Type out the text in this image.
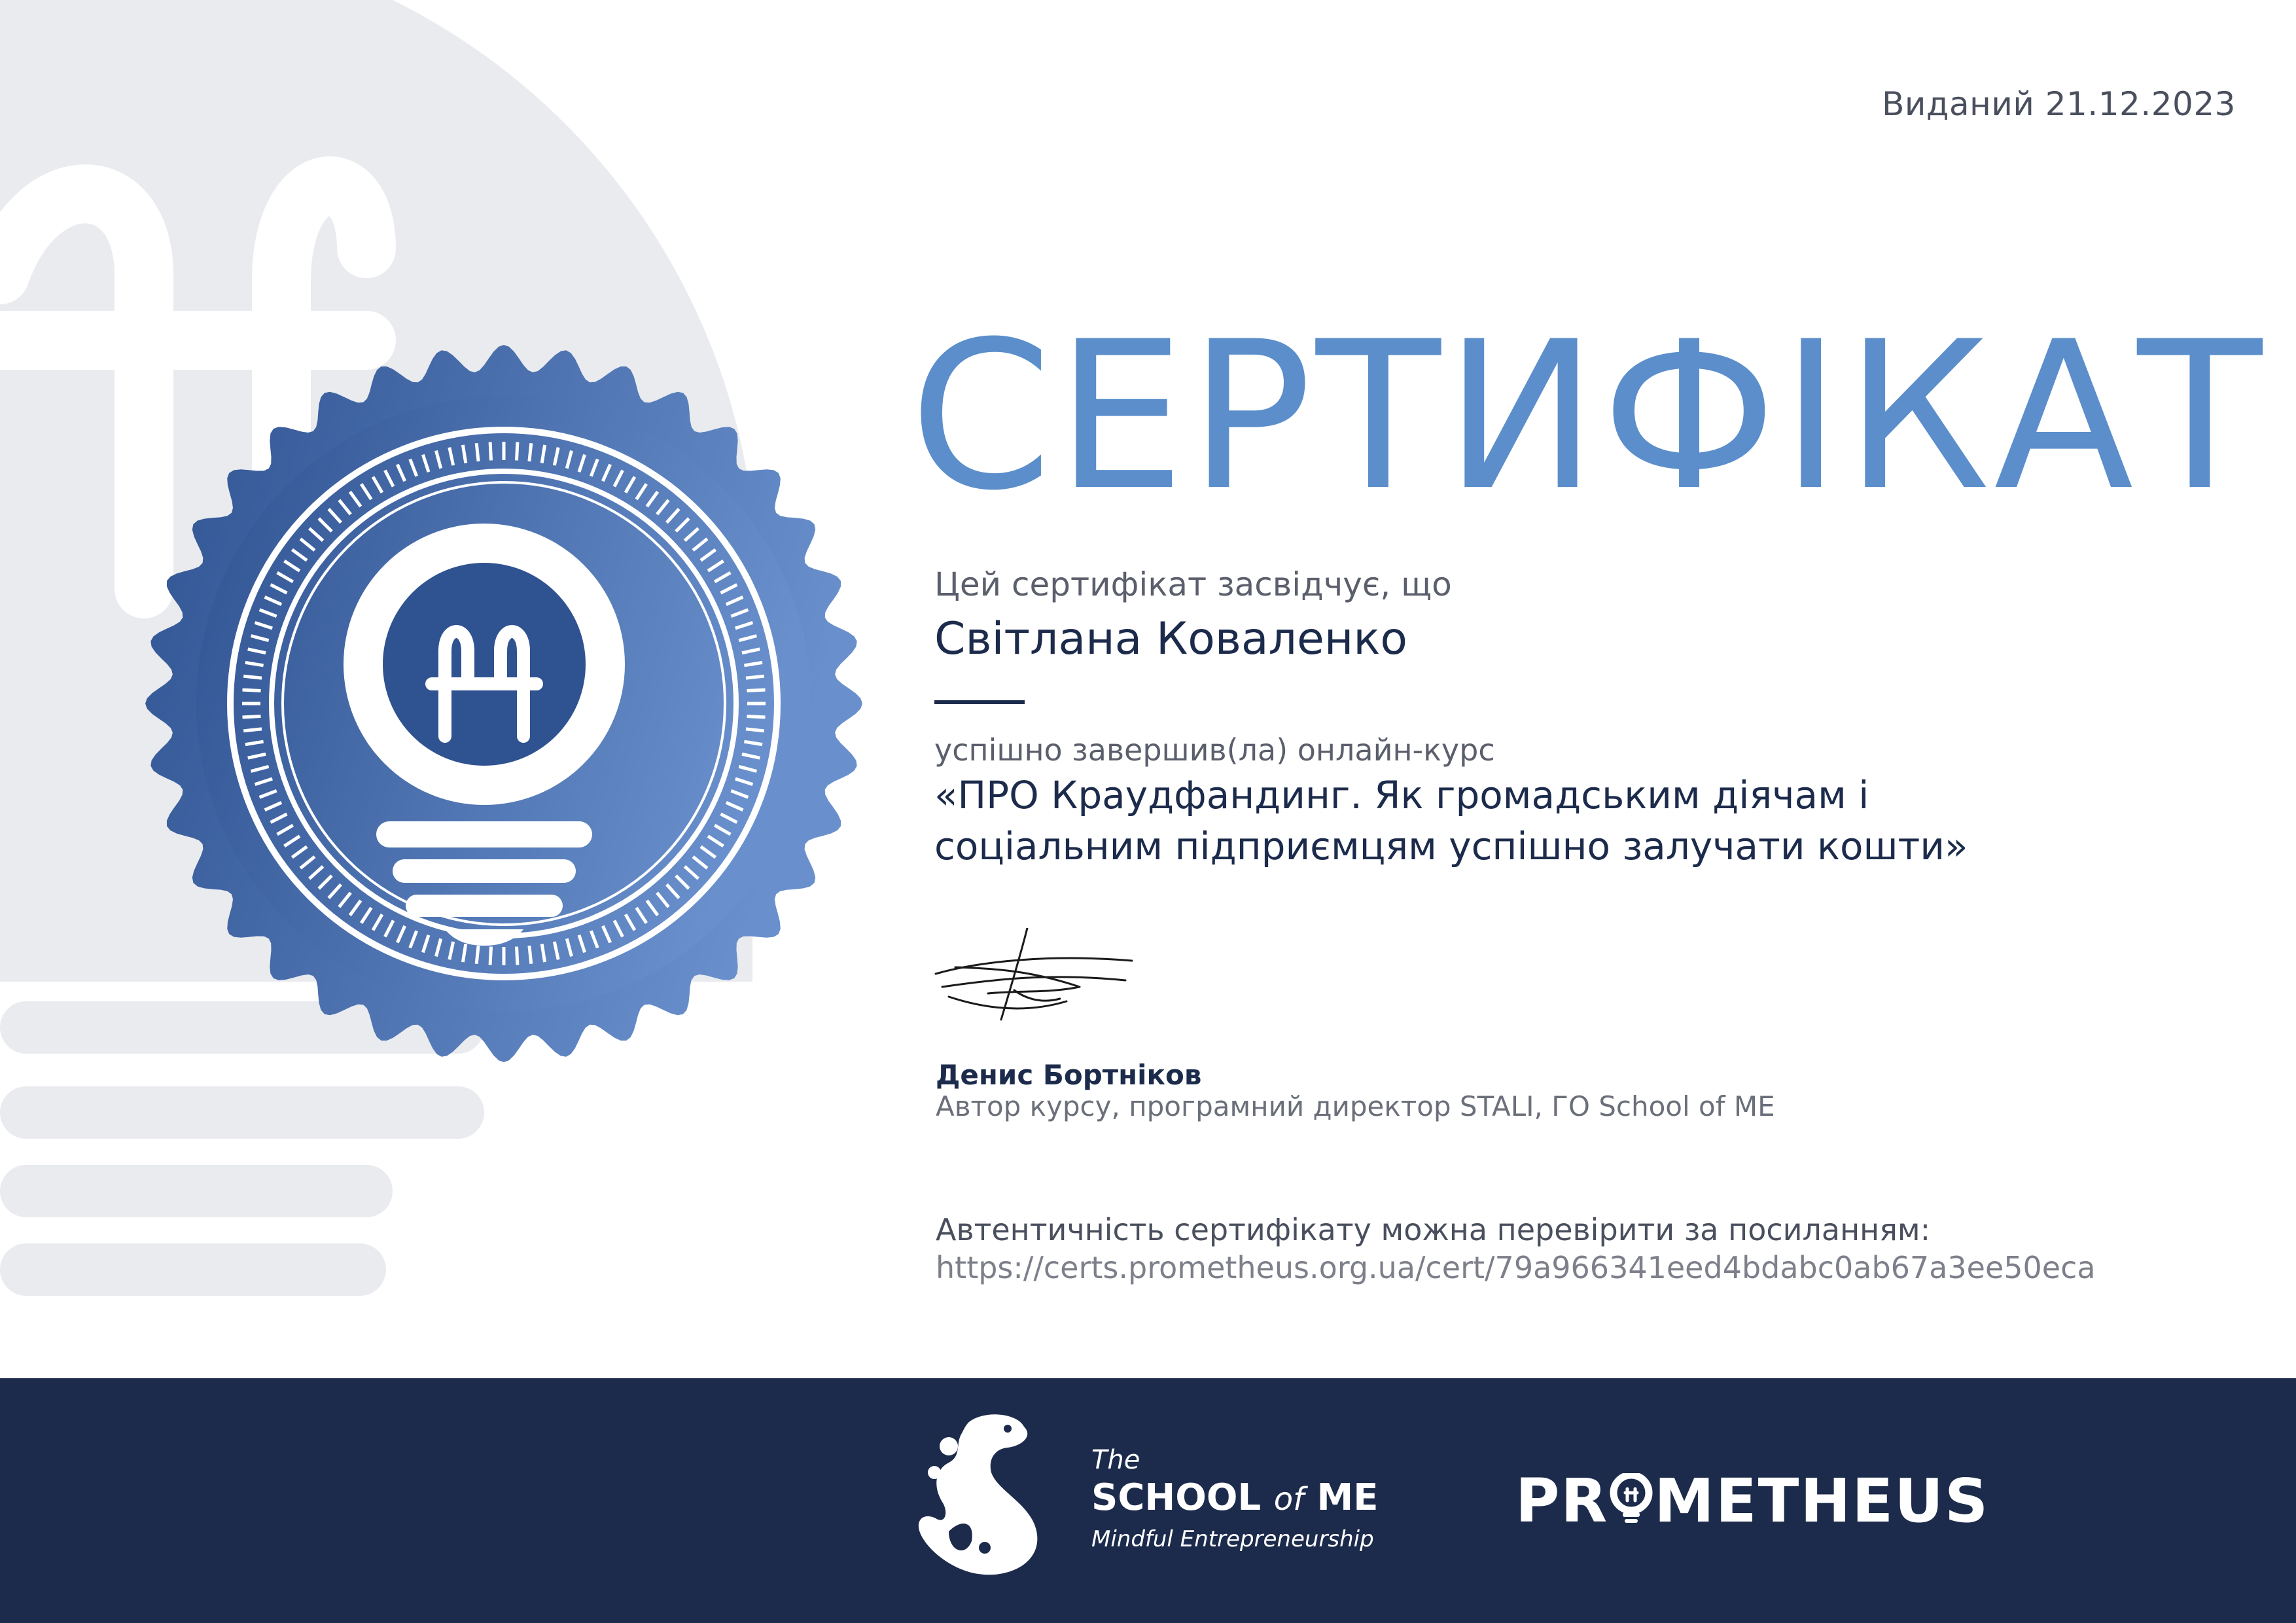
Виданий 21.12.2023
СЕРТИФІКАТ
Цей сертифікат засвідчує, що
Світлана Коваленко
успішно завершив(ла) онлайн-курс
«ПРО Краудфандинг. Як громадським діячам і
соціальним підприємцям успішно залучати кошти»
Денис Бортніков
Автор курсу, програмний директор STALI, ГО School of ME
Автентичність сертифікату можна перевірити за посиланням:
https://certs.prometheus.org.ua/cert/79a966341eed4bdabc0ab67a3ee50eca
The
SCHOOL of ME
Mindful Entrepreneurship
PR METHEUS
